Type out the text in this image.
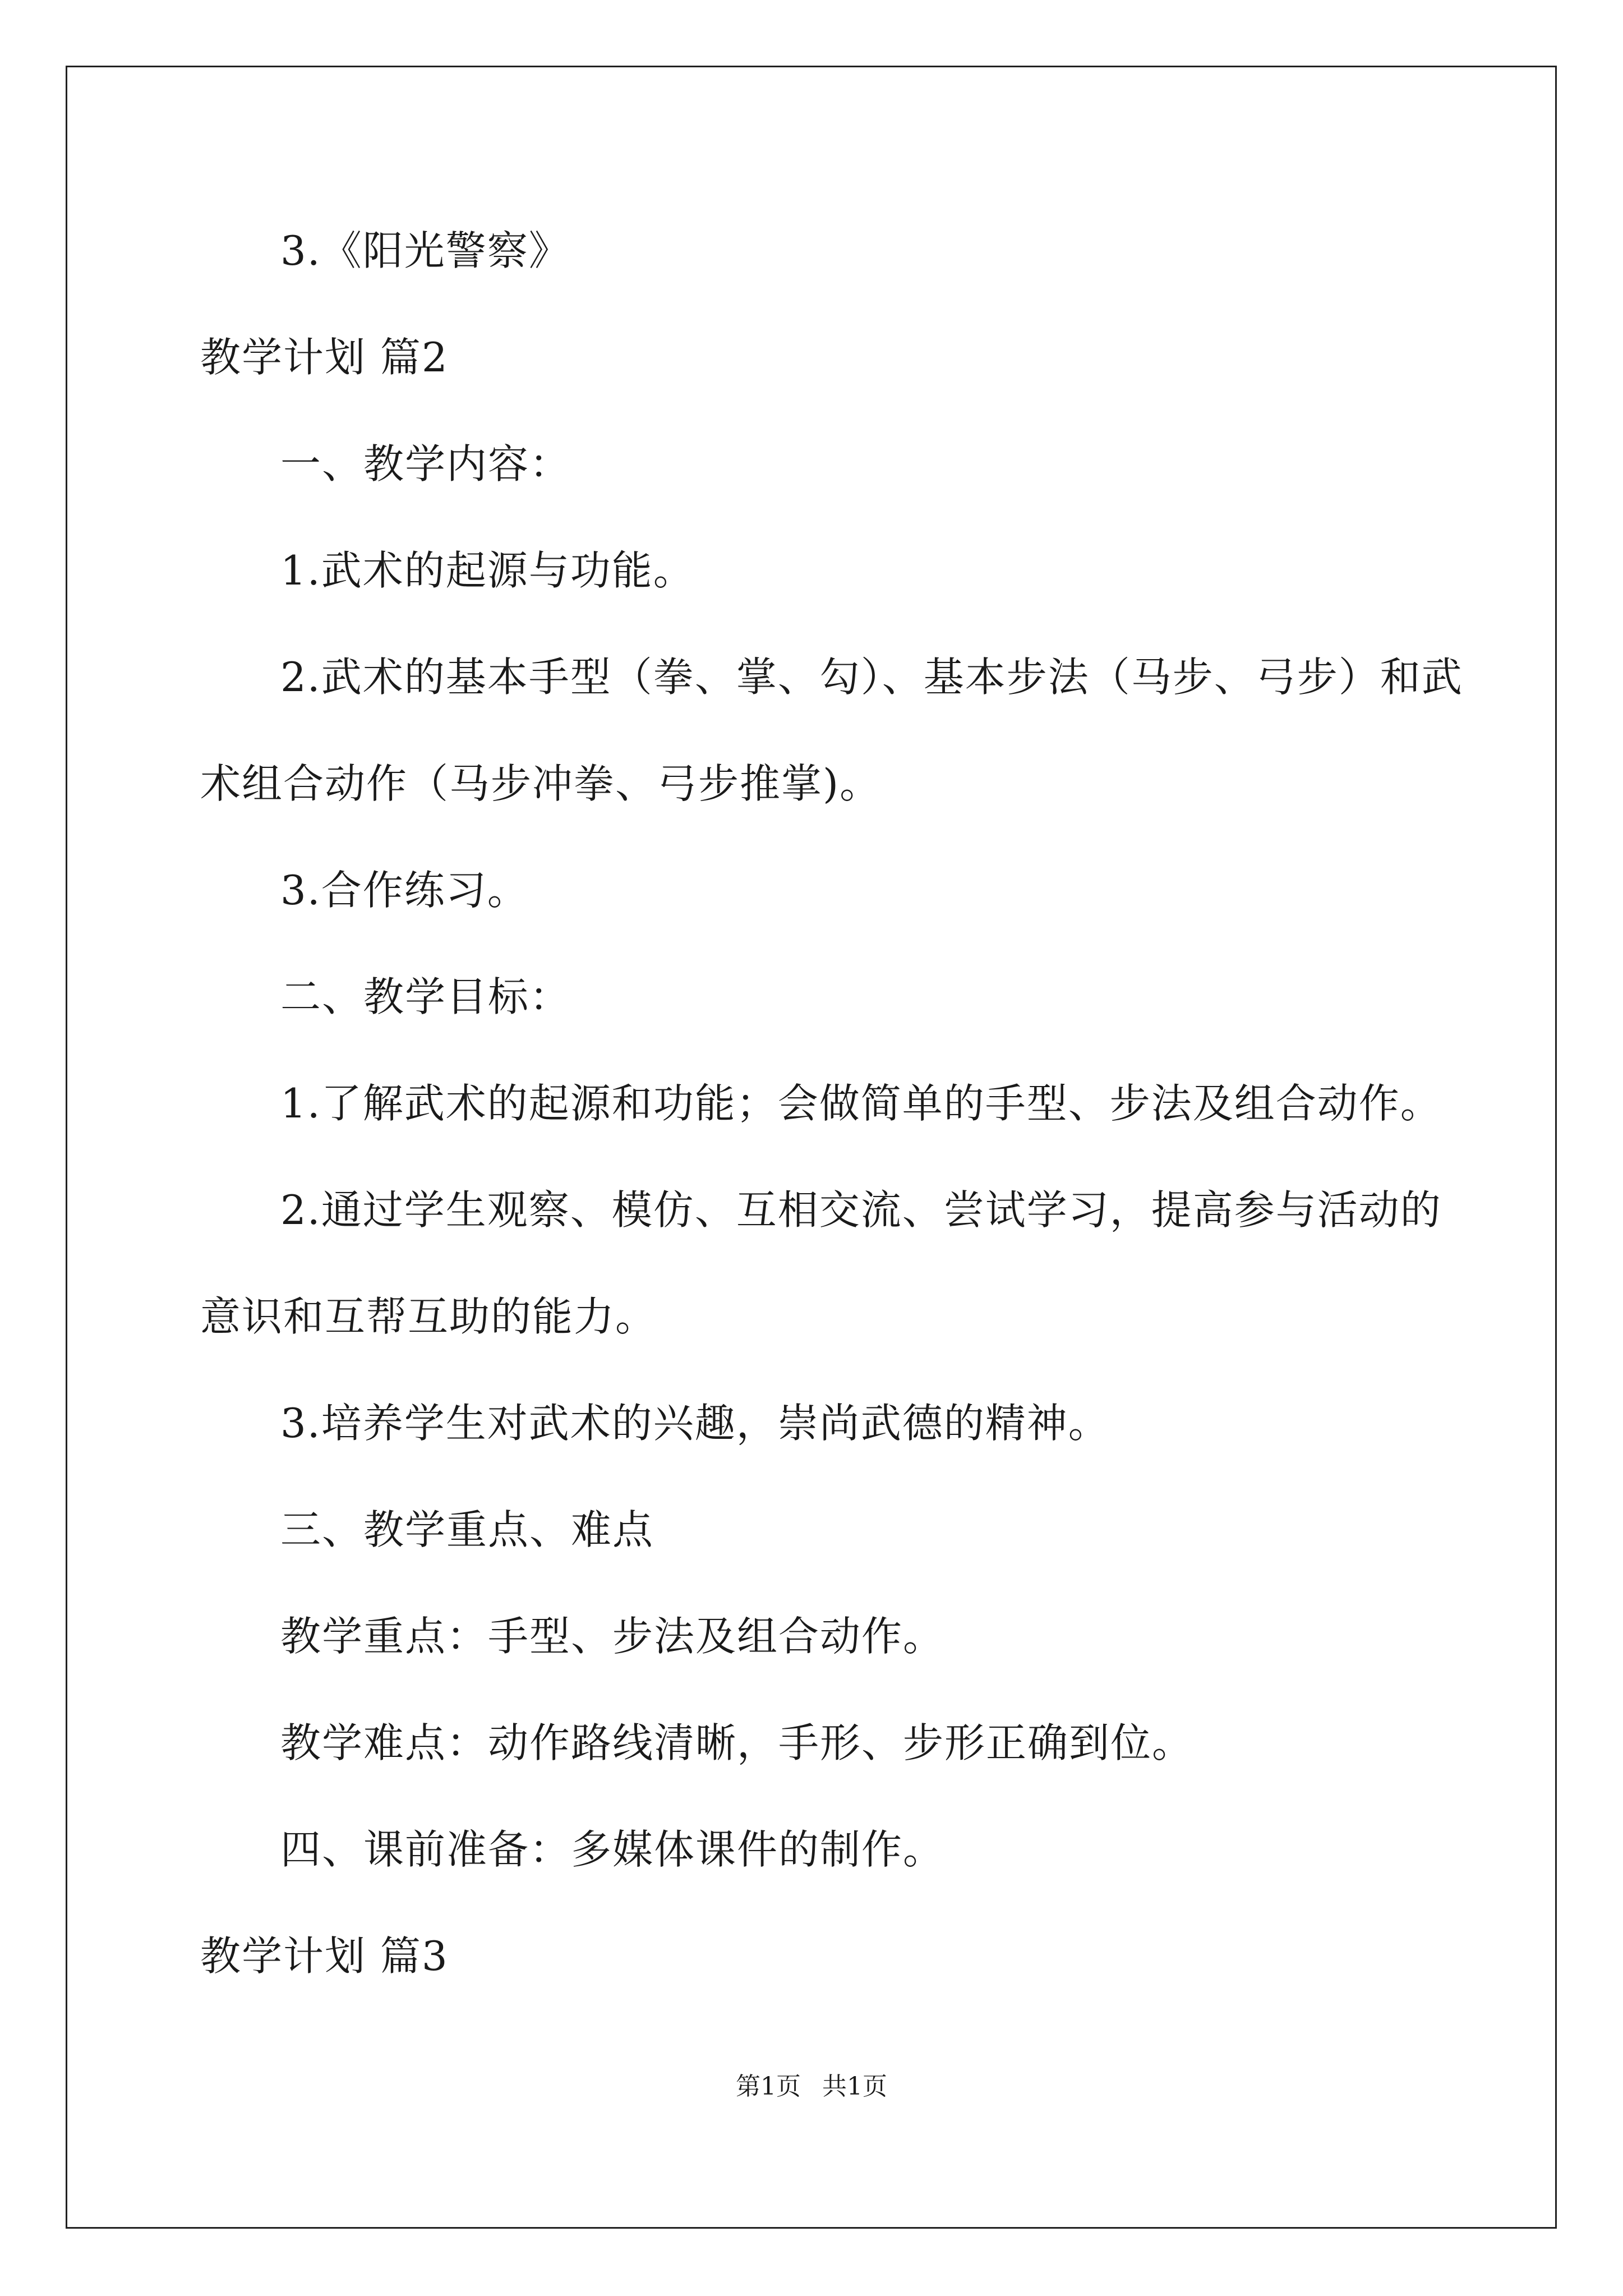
3.《阳光警察》
教学计划 篇2
一、教学内容：
1.武术的起源与功能。
2.武术的基本手型（拳、掌、勾）、基本步法（马步、弓步）和武
术组合动作（马步冲拳、弓步推掌)。
3.合作练习。
二、教学目标：
1.了解武术的起源和功能；会做简单的手型、步法及组合动作。
2.通过学生观察、模仿、互相交流、尝试学习，提高参与活动的
意识和互帮互助的能力。
3.培养学生对武术的兴趣，崇尚武德的精神。
三、教学重点、难点
教学重点：手型、步法及组合动作。
教学难点：动作路线清晰，手形、步形正确到位。
四、课前准备：多媒体课件的制作。
教学计划 篇3
第1页 共1页
